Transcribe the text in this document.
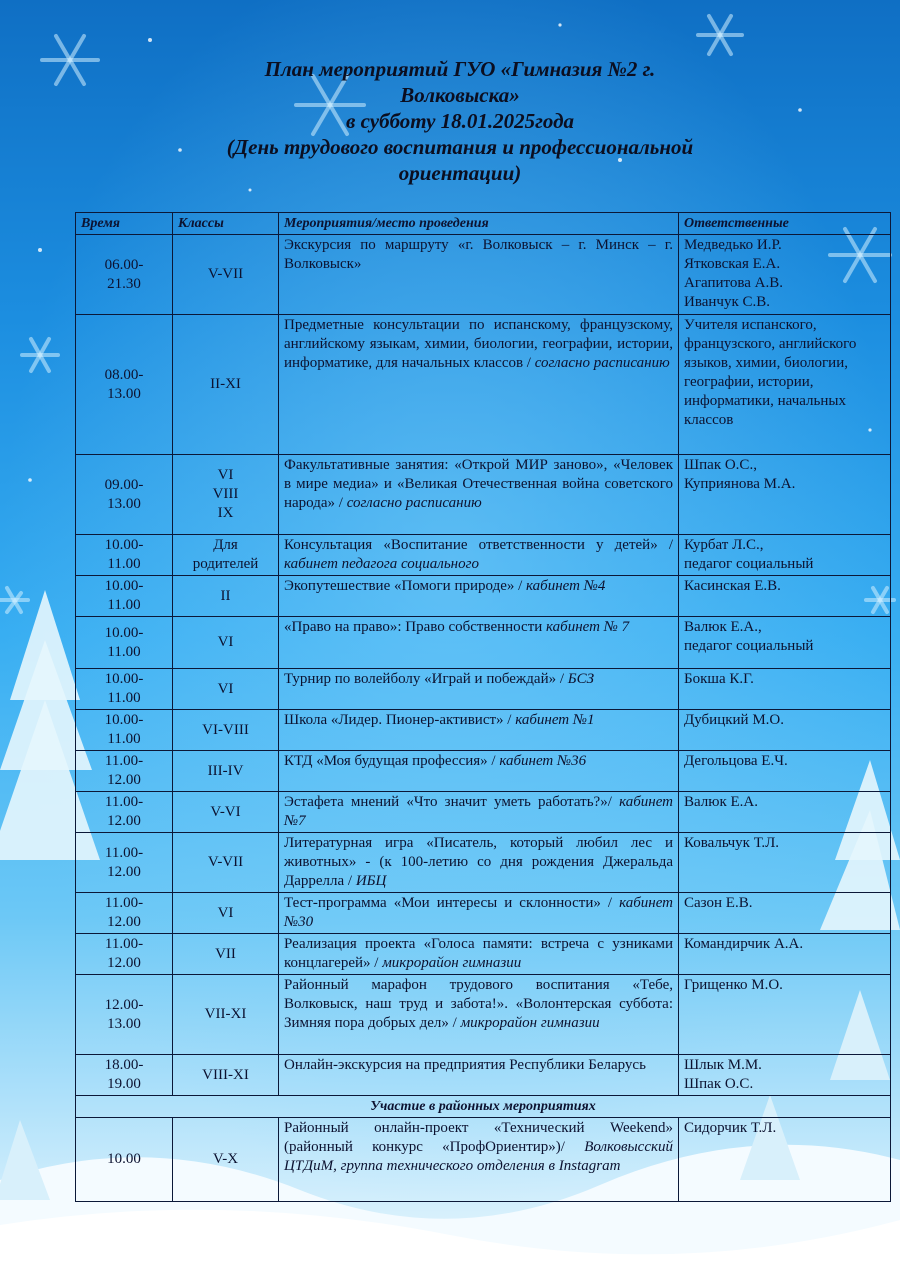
План мероприятий ГУО «Гимназия №2 г.
Волковыска»
в субботу 18.01.2025года
(День трудового воспитания и профессиональной
ориентации)
Время	Классы	Мероприятия/место проведения	Ответственные

06.00-
21.30	V-VII	Экскурсия по маршруту «г. Волковыск – г. Минск – г. Волковыск»	Медведько И.Р.
Ятковская Е.А.
Агапитова А.В.
Иванчук С.В.

08.00-
13.00	II-XI	Предметные консультации по испанскому, французскому, английскому языкам, химии, биологии, географии, истории, информатике, для начальных классов / согласно расписанию	Учителя испанского, французского, английского языков, химии, биологии, географии, истории, информатики, начальных классов

09.00-
13.00	VI
VIII
IX	Факультативные занятия: «Открой МИР заново», «Человек в мире медиа» и «Великая Отечественная война советского народа» / согласно расписанию	Шпак О.С.,
Куприянова М.А.

10.00-
11.00	Для
родителей	Консультация «Воспитание ответственности у детей» / кабинет педагога социального	Курбат Л.С.,
педагог социальный

10.00-
11.00	II	Экопутешествие «Помоги природе» / кабинет №4	Касинская Е.В.

10.00-
11.00	VI	«Право на право»: Право собственности кабинет № 7	Валюк Е.А.,
педагог социальный

10.00-
11.00	VI	Турнир по волейболу «Играй и побеждай» / БСЗ	Бокша К.Г.

10.00-
11.00	VI-VIII	Школа «Лидер. Пионер-активист» / кабинет №1	Дубицкий М.О.

11.00-
12.00	III-IV	КТД «Моя будущая профессия» / кабинет №36	Дегольцова Е.Ч.

11.00-
12.00	V-VI	Эстафета мнений «Что значит уметь работать?»/ кабинет №7	Валюк Е.А.

11.00-
12.00	V-VII	Литературная игра «Писатель, который любил лес и животных» - (к 100-летию со дня рождения Джеральда Даррелла / ИБЦ	Ковальчук Т.Л.

11.00-
12.00	VI	Тест-программа «Мои интересы и склонности» / кабинет №30	Сазон Е.В.

11.00-
12.00	VII	Реализация проекта «Голоса памяти: встреча с узниками концлагерей» / микрорайон гимназии	Командирчик А.А.

12.00-
13.00	VII-XI	Районный марафон трудового воспитания «Тебе, Волковыск, наш труд и забота!». «Волонтерская суббота: Зимняя пора добрых дел» / микрорайон гимназии	Грищенко М.О.

18.00-
19.00	VIII-XI	Онлайн-экскурсия на предприятия Республики Беларусь	Шлык М.М.
Шпак О.С.

Участие в районных мероприятиях			

10.00	V-X	Районный онлайн-проект «Технический Weekend» (районный конкурс «ПрофОриентир»)/ Волковысский ЦТДиМ, группа технического отделения в Instagram	Сидорчик Т.Л.
